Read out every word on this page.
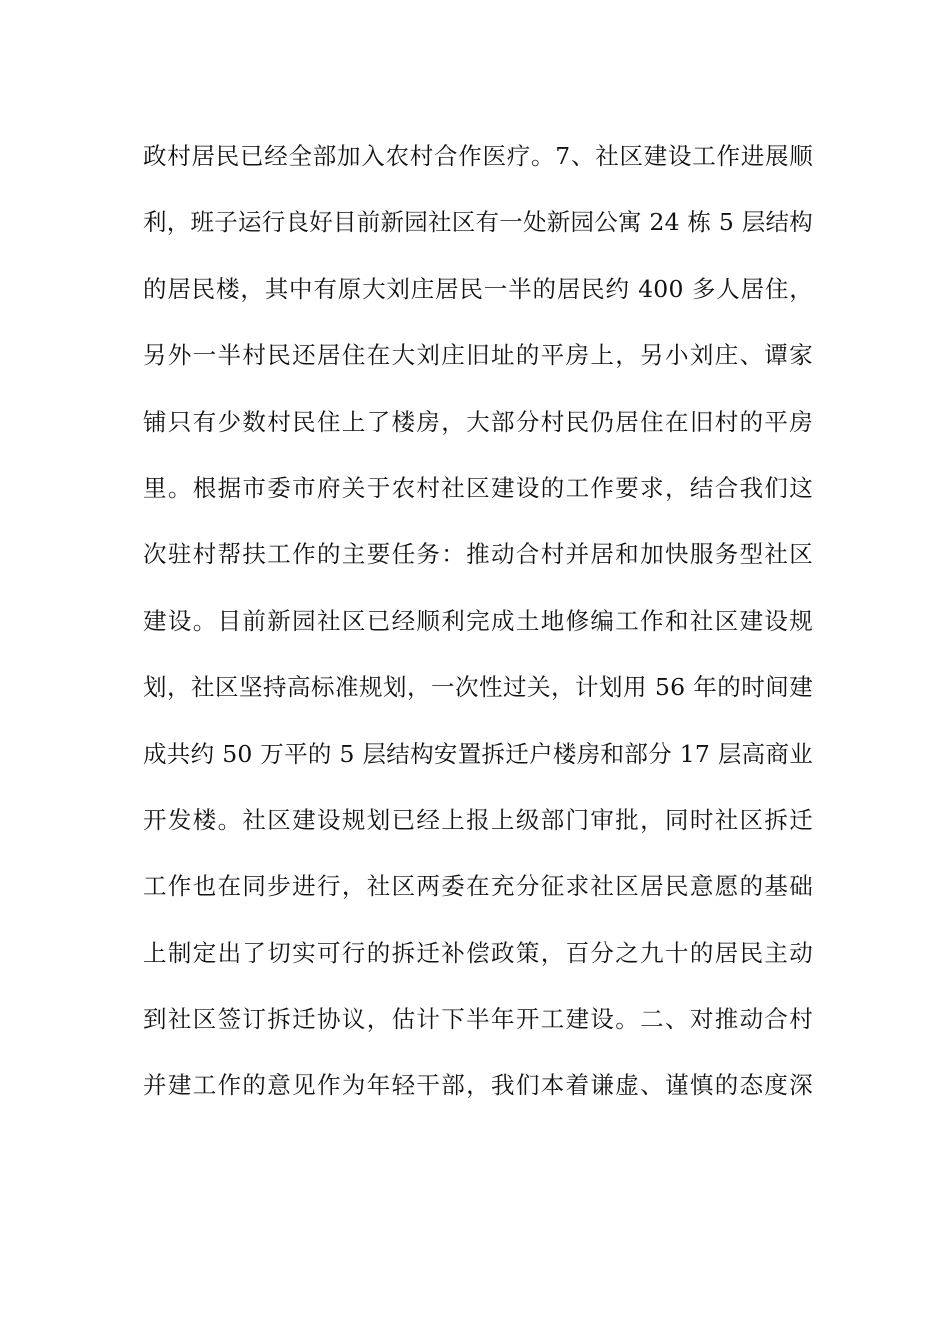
政村居民已经全部加入农村合作医疗。7、社区建设工作进展顺
利，班子运行良好目前新园社区有一处新园公寓 24 栋 5 层结构
的居民楼，其中有原大刘庄居民一半的居民约 400 多人居住，
另外一半村民还居住在大刘庄旧址的平房上，另小刘庄、谭家
铺只有少数村民住上了楼房，大部分村民仍居住在旧村的平房
里。根据市委市府关于农村社区建设的工作要求，结合我们这
次驻村帮扶工作的主要任务：推动合村并居和加快服务型社区
建设。目前新园社区已经顺利完成土地修编工作和社区建设规
划，社区坚持高标准规划，一次性过关，计划用 56 年的时间建
成共约 50 万平的 5 层结构安置拆迁户楼房和部分 17 层高商业
开发楼。社区建设规划已经上报上级部门审批，同时社区拆迁
工作也在同步进行，社区两委在充分征求社区居民意愿的基础
上制定出了切实可行的拆迁补偿政策，百分之九十的居民主动
到社区签订拆迁协议，估计下半年开工建设。二、对推动合村
并建工作的意见作为年轻干部，我们本着谦虚、谨慎的态度深
